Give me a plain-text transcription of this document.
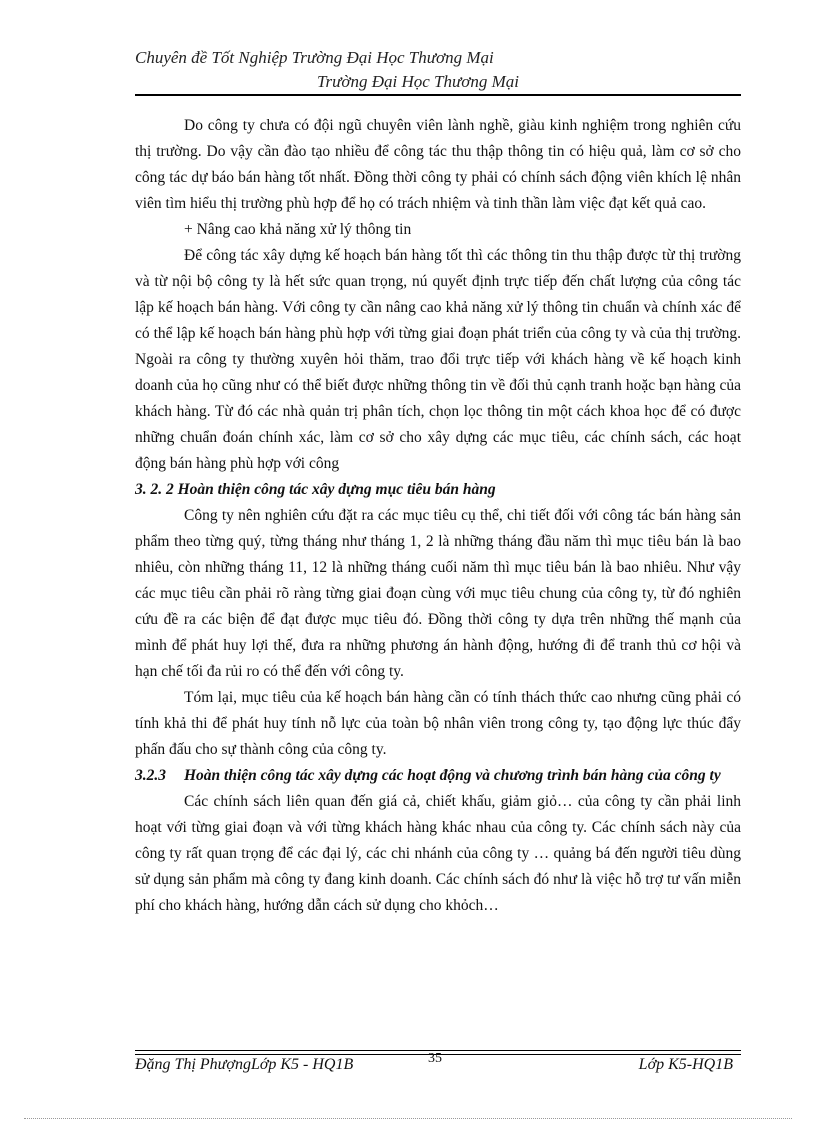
Chuyên đề Tốt Nghiệp Trường Đại Học Thương Mại
Trường Đại Học Thương Mại

Do công ty chưa có đội ngũ chuyên viên lành nghề, giàu kinh nghiệm trong nghiên cứu thị trường. Do vậy cần đào tạo nhiều để công tác thu thập thông tin có hiệu quả, làm cơ sở cho công tác dự báo bán hàng tốt nhất. Đồng thời công ty phải có chính sách động viên khích lệ nhân viên tìm hiểu thị trường phù hợp để họ có trách nhiệm và tinh thần làm việc đạt kết quả cao.

+ Nâng cao khả năng xử lý thông tin

Để công tác xây dựng kế hoạch bán hàng tốt thì các thông tin thu thập được từ thị trường và từ nội bộ công ty là hết sức quan trọng, nú quyết định trực tiếp đến chất lượng của công tác lập kế hoạch bán hàng. Với công ty cần nâng cao khả năng xử lý thông tin chuẩn và chính xác để có thể lập kế hoạch bán hàng phù hợp với từng giai đoạn phát triển của công ty và của thị trường. Ngoài ra công ty thường xuyên hỏi thăm, trao đổi trực tiếp với khách hàng về kế hoạch kinh doanh của họ cũng như có thể biết được những thông tin về đối thủ cạnh tranh hoặc bạn hàng của khách hàng. Từ đó các nhà quản trị phân tích, chọn lọc thông tin một cách khoa học để có được những chuẩn đoán chính xác, làm cơ sở cho xây dựng các mục tiêu, các chính sách, các hoạt động bán hàng phù hợp với công

3. 2. 2 Hoàn thiện công tác xây dựng mục tiêu bán hàng

Công ty nên nghiên cứu đặt ra các mục tiêu cụ thể, chi tiết đối với công tác bán hàng sản phẩm theo từng quý, từng tháng như tháng 1, 2 là những tháng đầu năm thì mục tiêu bán là bao nhiêu, còn những tháng 11, 12 là những tháng cuối năm thì mục tiêu bán là bao nhiêu. Như vậy các mục tiêu cần phải rõ ràng từng giai đoạn cùng với mục tiêu chung của công ty, từ đó nghiên cứu đề ra các biện để đạt được mục tiêu đó. Đồng thời công ty dựa trên những thế mạnh của mình để phát huy lợi thế, đưa ra những phương án hành động, hướng đi để tranh thủ cơ hội và hạn chế tối đa rủi ro có thể đến với công ty.

Tóm lại, mục tiêu của kế hoạch bán hàng cần có tính thách thức cao nhưng cũng phải có tính khả thi để phát huy tính nỗ lực của toàn bộ nhân viên trong công ty, tạo động lực thúc đẩy phấn đấu cho sự thành công của công ty.

3.2.3 Hoàn thiện công tác xây dựng các hoạt động và chương trình bán hàng của công ty

Các chính sách liên quan đến giá cả, chiết khấu, giảm giỏ… của công ty cần phải linh hoạt với từng giai đoạn và với từng khách hàng khác nhau của công ty. Các chính sách này của công ty rất quan trọng để các đại lý, các chi nhánh của công ty … quảng bá đến người tiêu dùng sử dụng sản phẩm mà công ty đang kinh doanh. Các chính sách đó như là việc hỗ trợ tư vấn miễn phí cho khách hàng, hướng dẫn cách sử dụng cho khỏch…

Đặng Thị PhượngLớp K5 - HQ1B	35	Lớp K5-HQ1B
